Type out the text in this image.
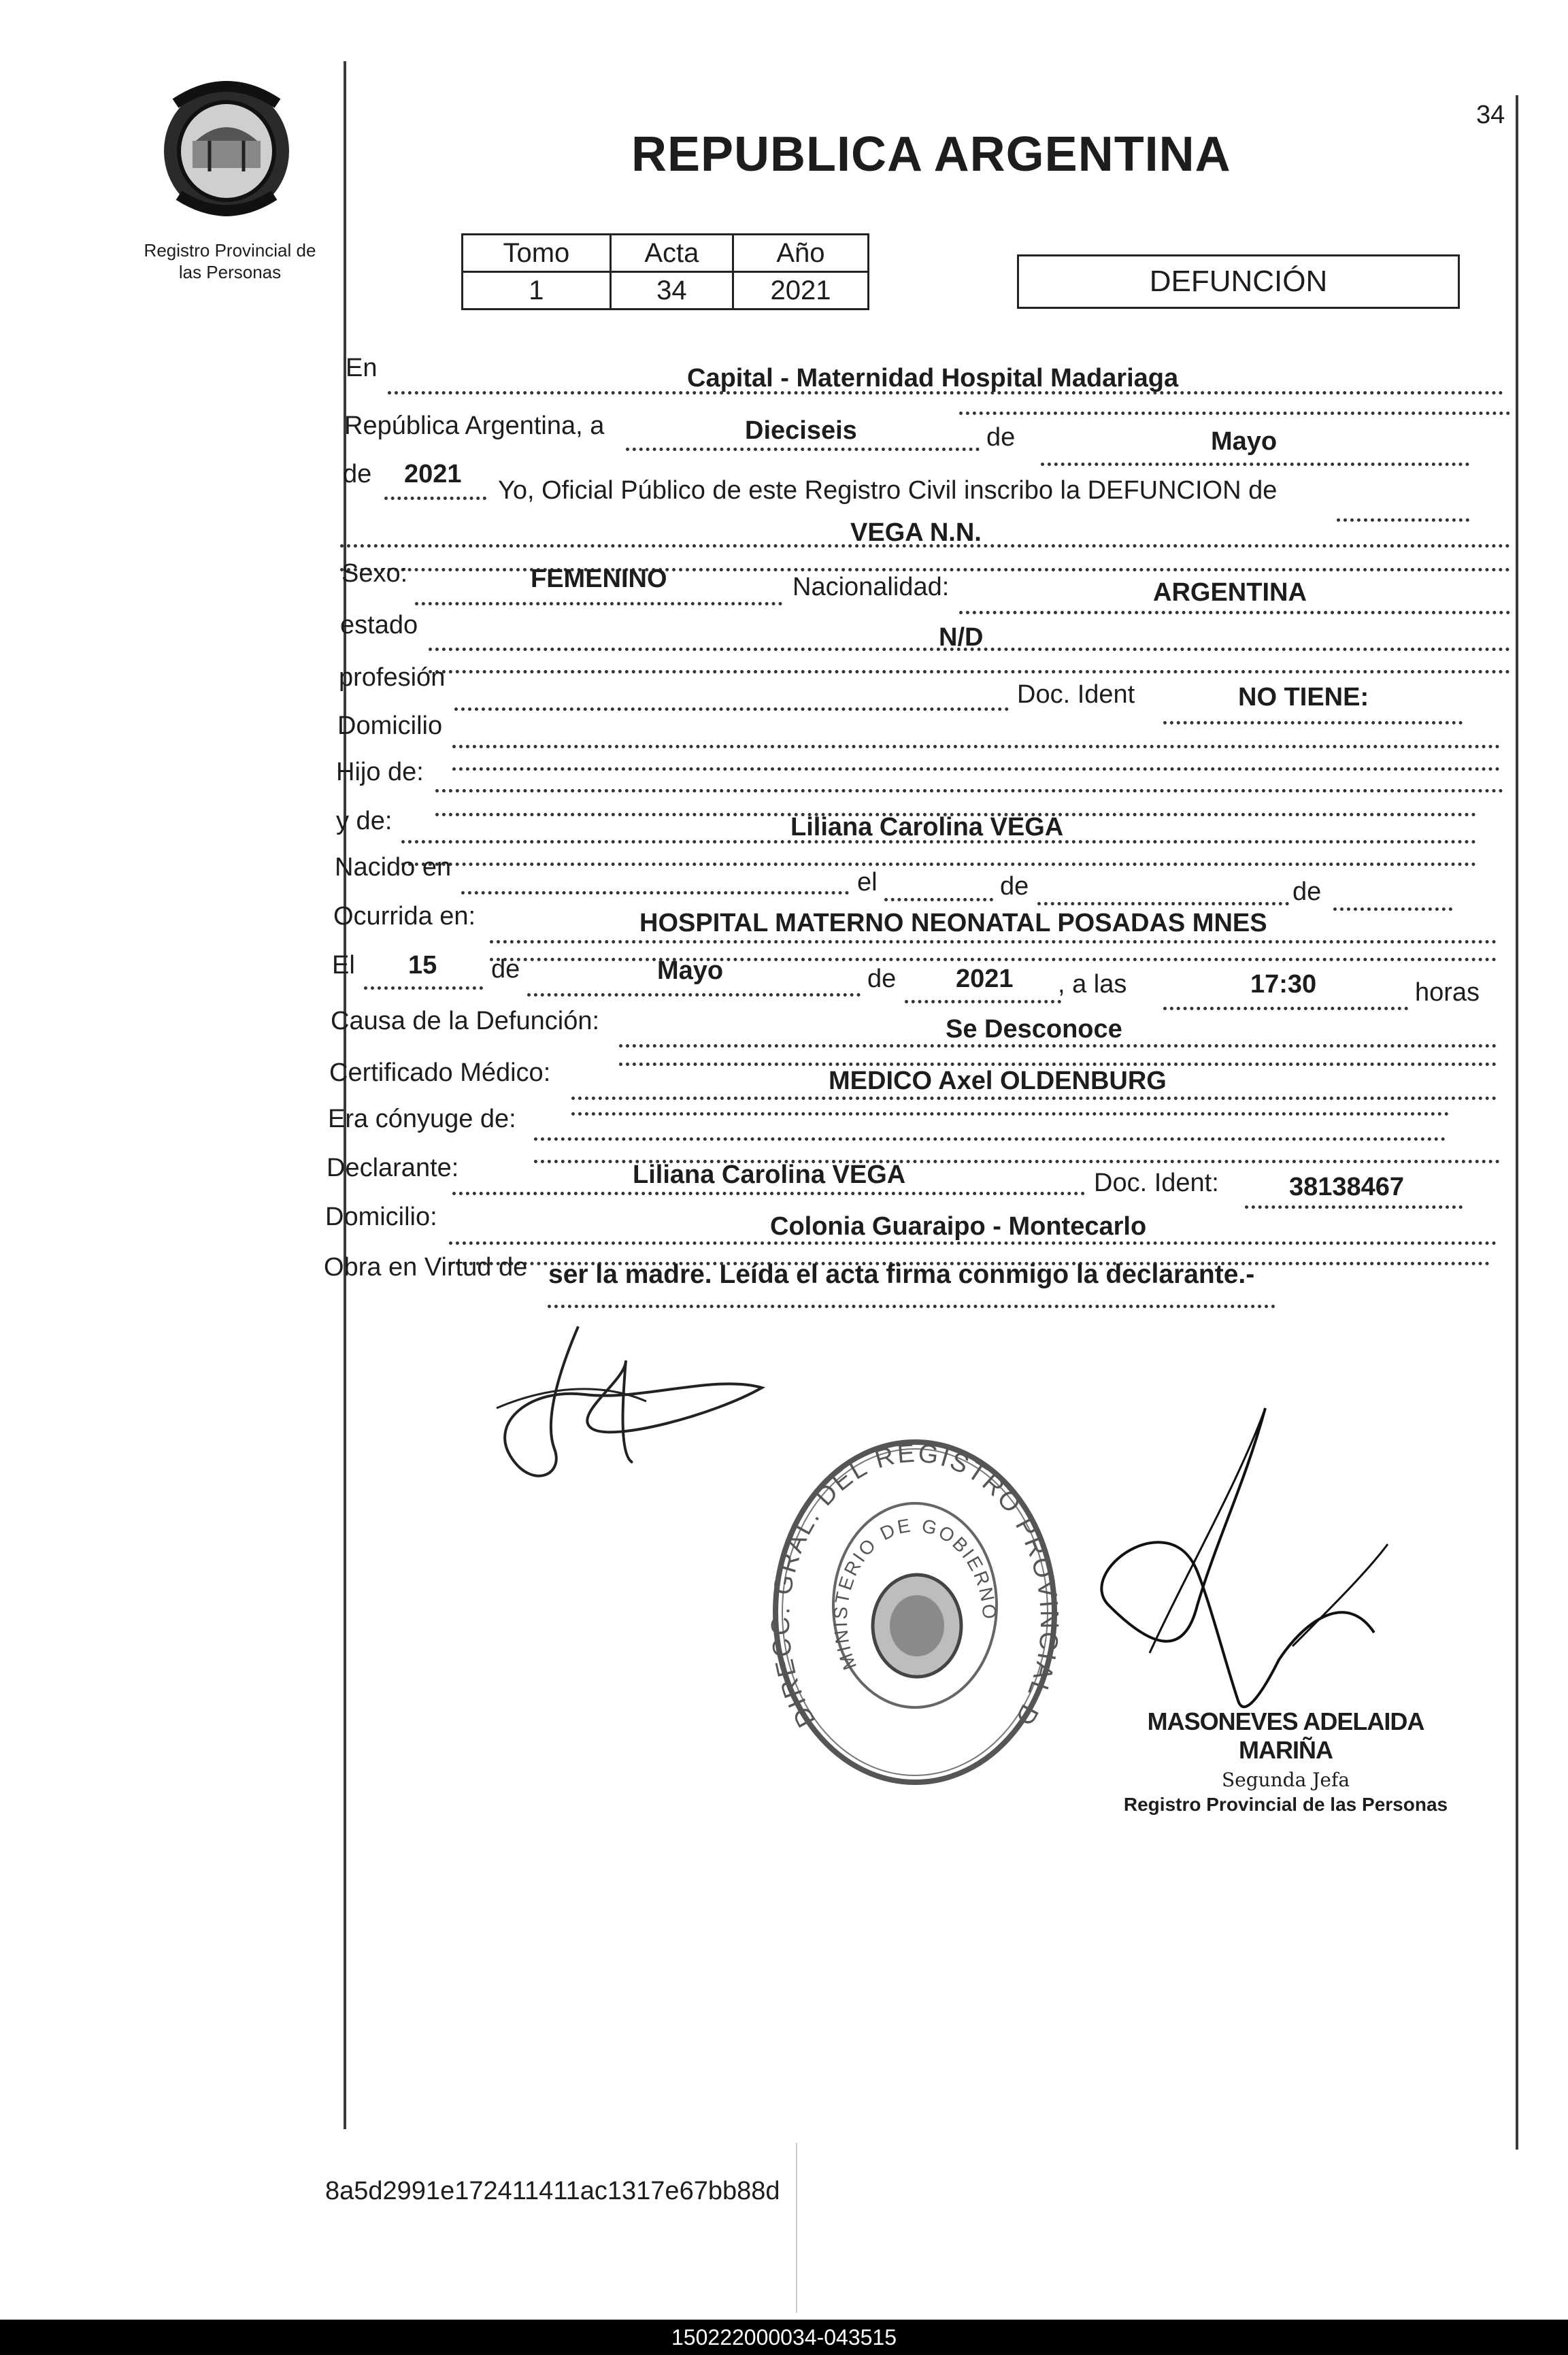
34
Registro Provincial de
las Personas
REPUBLICA ARGENTINA
Tomo	Acta	Año
1	34	2021	DEFUNCIÓN
En	Capital - Maternidad Hospital Madariaga
República Argentina, a	Dieciseis	de	Mayo
de 2021
Yo, Oficial Público de este Registro Civil inscribo la DEFUNCION de
VEGA N.N.
Sexo:	FEMENINO	Nacionalidad:	ARGENTINA
estado	N/D
profesión
Doc. Ident	NO TIENE:
Domicilio
Hijo de:
y de:	Liliana Carolina VEGA
Nacido en
el	de	de
Ocurrida en:	HOSPITAL MATERNO NEONATAL POSADAS MNES
El 15 de	Mayo	de 2021 , a las	17:30	horas
Causa de la Defunción:	Se Desconoce
Certificado Médico:	MEDICO Axel OLDENBURG
Era cónyuge de:
Declarante:	Liliana Carolina VEGA	Doc. Ident:	38138467
Domicilio:	Colonia Guaraipo - Montecarlo
Obra en Virtud de ser la madre. Leída el acta firma conmigo la declarante.-
DIRECC. GRAL. DEL REGISTRO PROVINCIAL DE LAS PERSONAS
MINISTERIO DE GOBIERNO
MASONEVES ADELAIDA MARIÑA
Segunda Jefa
Registro Provincial de las Personas
8a5d2991e172411411ac1317e67bb88d
150222000034-043515
